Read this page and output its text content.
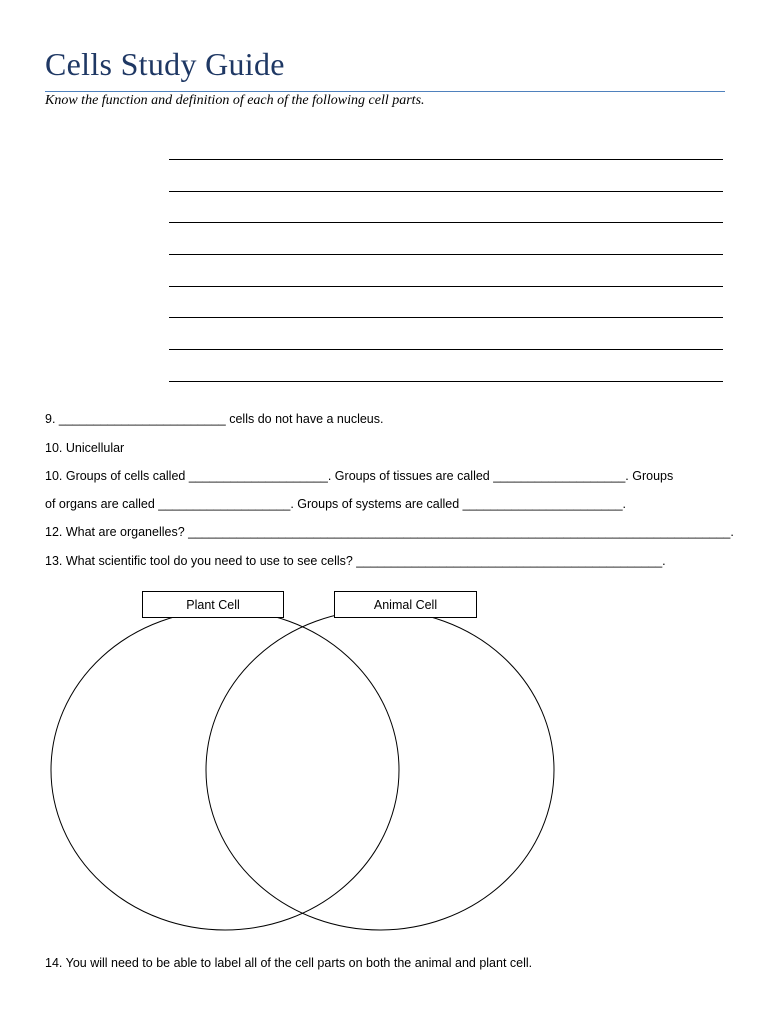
Cells Study Guide
Know the function and definition of each of the following cell parts.
9. ________________________ cells do not have a nucleus.
10. Unicellular
10. Groups of cells called ____________________. Groups of tissues are called ___________________. Groups
of organs are called ___________________. Groups of systems are called _______________________.
12. What are organelles? ______________________________________________________________________________.
13. What scientific tool do you need to use to see cells? ____________________________________________.
Plant Cell	Animal Cell
14. You will need to be able to label all of the cell parts on both the animal and plant cell.
